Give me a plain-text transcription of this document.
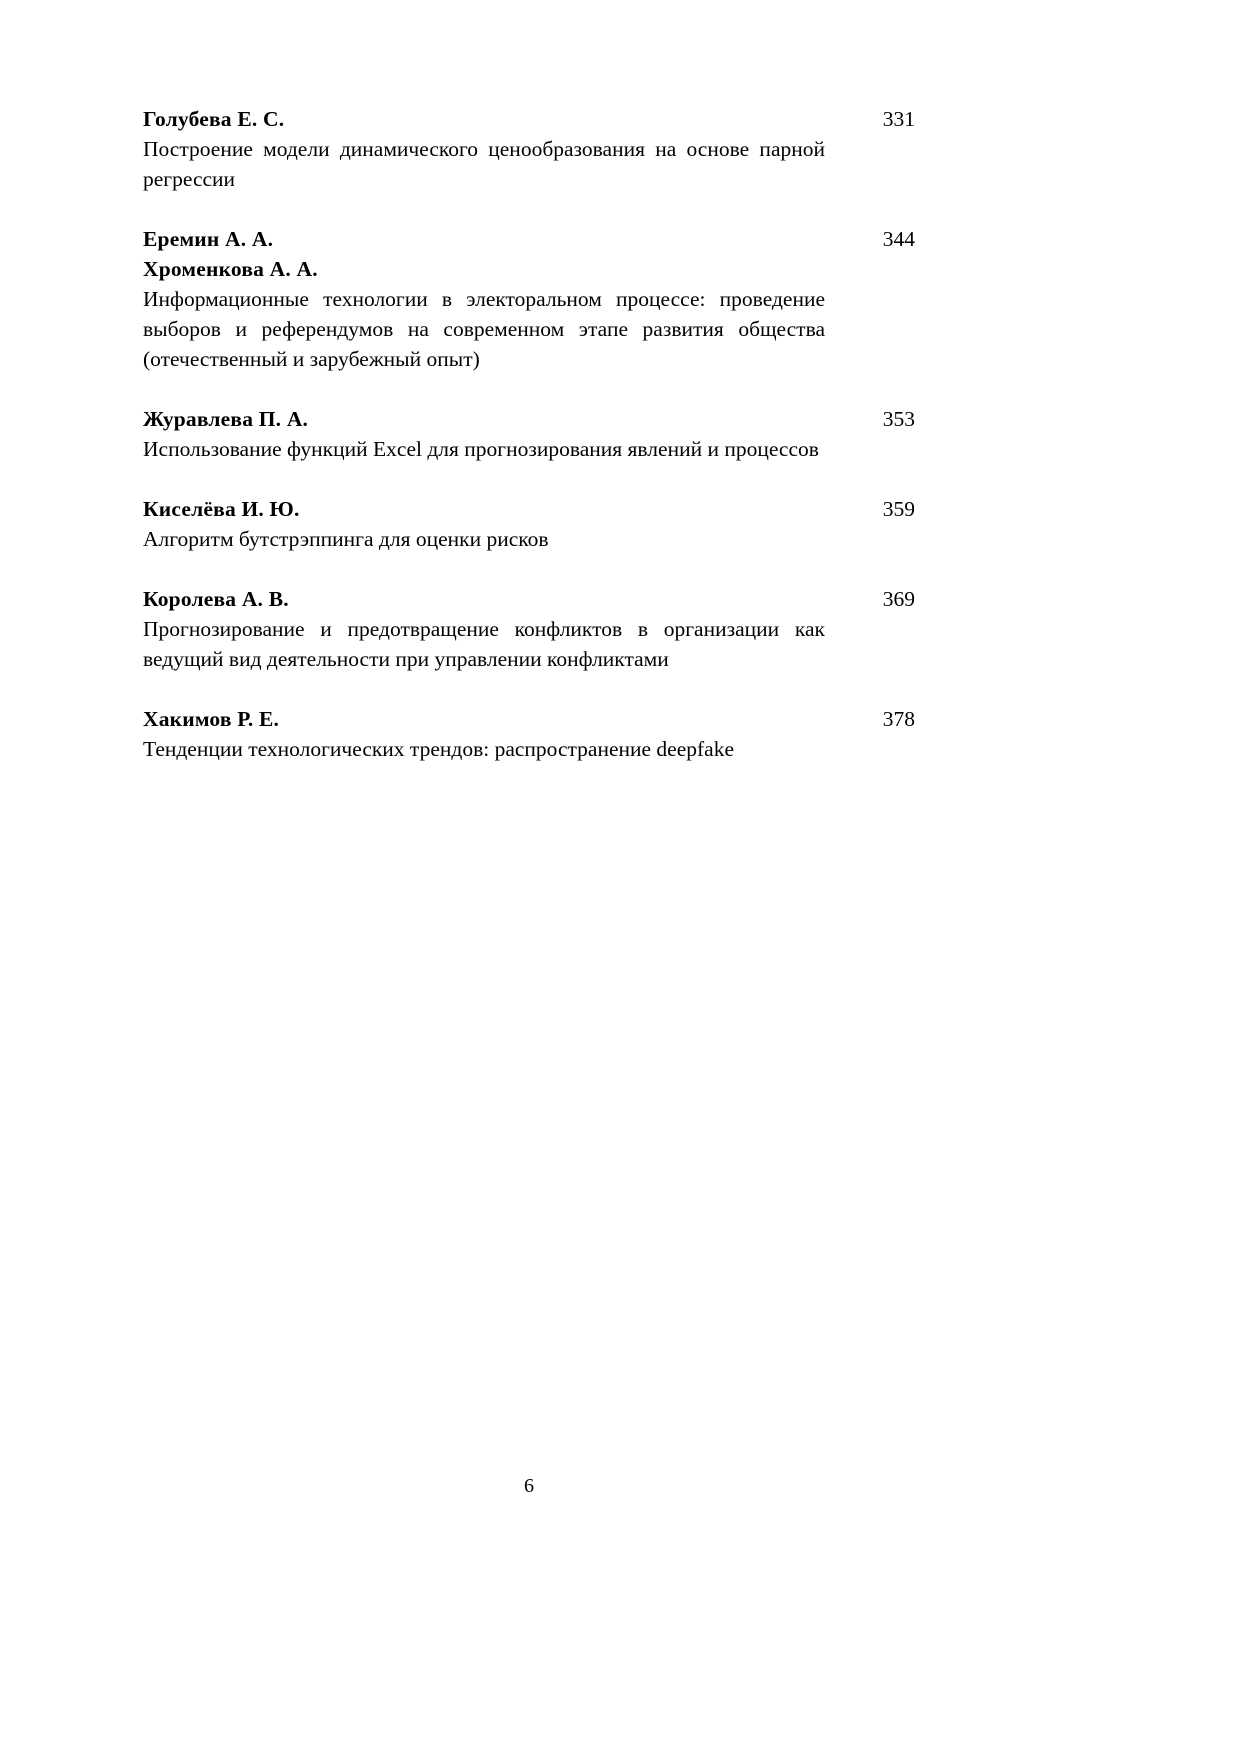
Голубева Е. С.	331

Построение модели динамического ценообразования на основе парной регрессии

Еремин А. А.	344
Хроменкова А. А.

Информационные технологии в электоральном процессе: проведение выборов и референдумов на современном этапе развития общества (отечественный и зарубежный опыт)

Журавлева П. А.	353

Использование функций Excel для прогнозирования явлений и процессов

Киселёва И. Ю.	359

Алгоритм бутстрэппинга для оценки рисков

Королева А. В.	369

Прогнозирование и предотвращение конфликтов в организации как ведущий вид деятельности при управлении конфликтами

Хакимов Р. Е.	378

Тенденции технологических трендов: распространение deepfake

6
